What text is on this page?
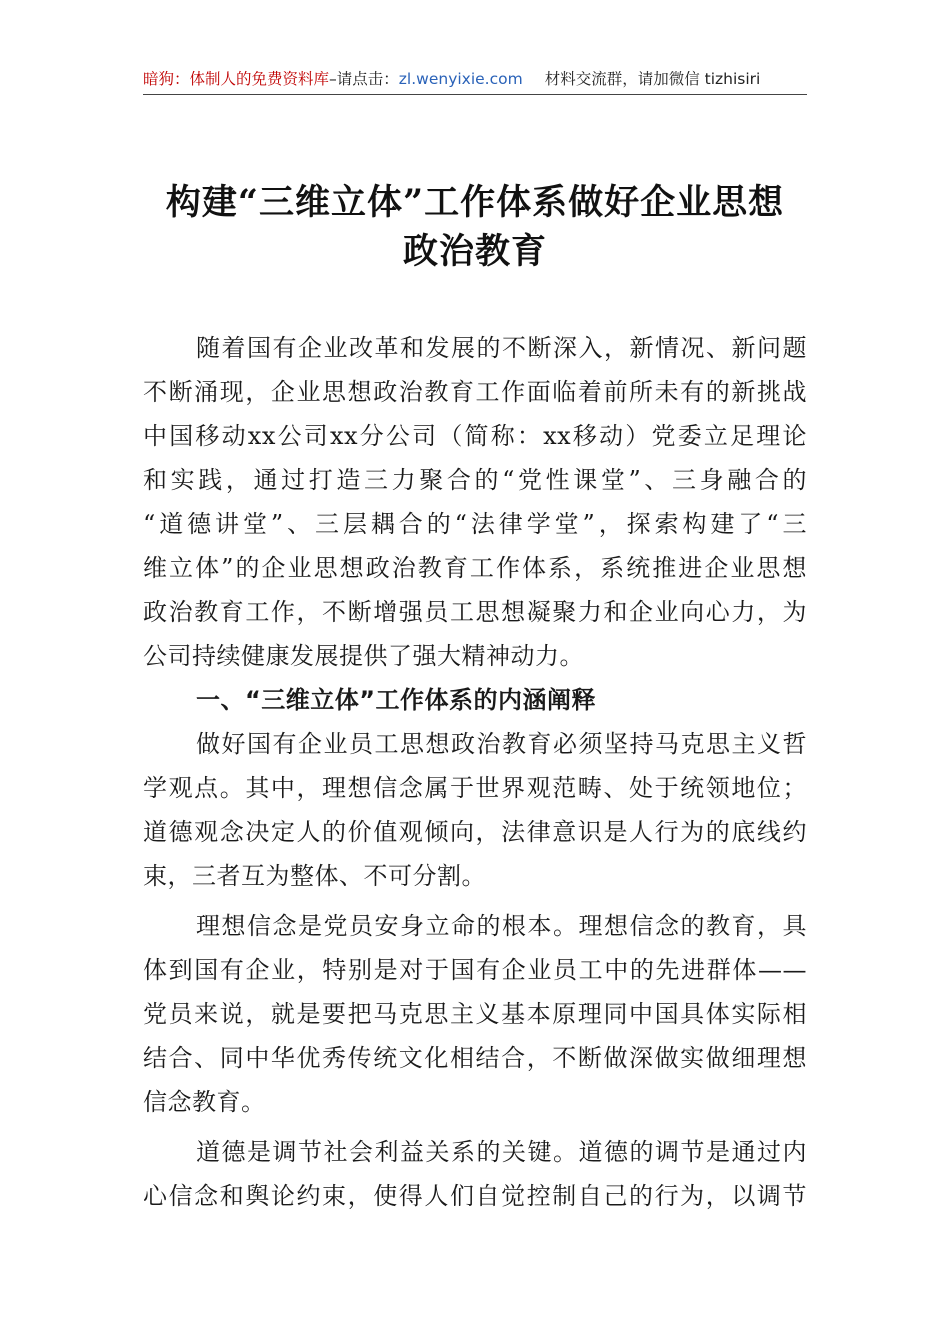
暗狗：体制人的免费资料库–请点击：zl.wenyixie.com 材料交流群，请加微信 tizhisiri
构建“三维立体”工作体系做好企业思想
政治教育
随着国有企业改革和发展的不断深入，新情况、新问题
不断涌现，企业思想政治教育工作面临着前所未有的新挑战
中国移动xx公司xx分公司（简称：xx移动）党委立足理论
和实践，通过打造三力聚合的“党性课堂”、三身融合的
“道德讲堂”、三层耦合的“法律学堂”，探索构建了“三
维立体”的企业思想政治教育工作体系，系统推进企业思想
政治教育工作，不断增强员工思想凝聚力和企业向心力，为
公司持续健康发展提供了强大精神动力。
一、“三维立体”工作体系的内涵阐释
做好国有企业员工思想政治教育必须坚持马克思主义哲
学观点。其中，理想信念属于世界观范畴、处于统领地位；
道德观念决定人的价值观倾向，法律意识是人行为的底线约
束，三者互为整体、不可分割。
理想信念是党员安身立命的根本。理想信念的教育，具
体到国有企业，特别是对于国有企业员工中的先进群体——
党员来说，就是要把马克思主义基本原理同中国具体实际相
结合、同中华优秀传统文化相结合，不断做深做实做细理想
信念教育。
道德是调节社会利益关系的关键。道德的调节是通过内
心信念和舆论约束，使得人们自觉控制自己的行为，以调节
